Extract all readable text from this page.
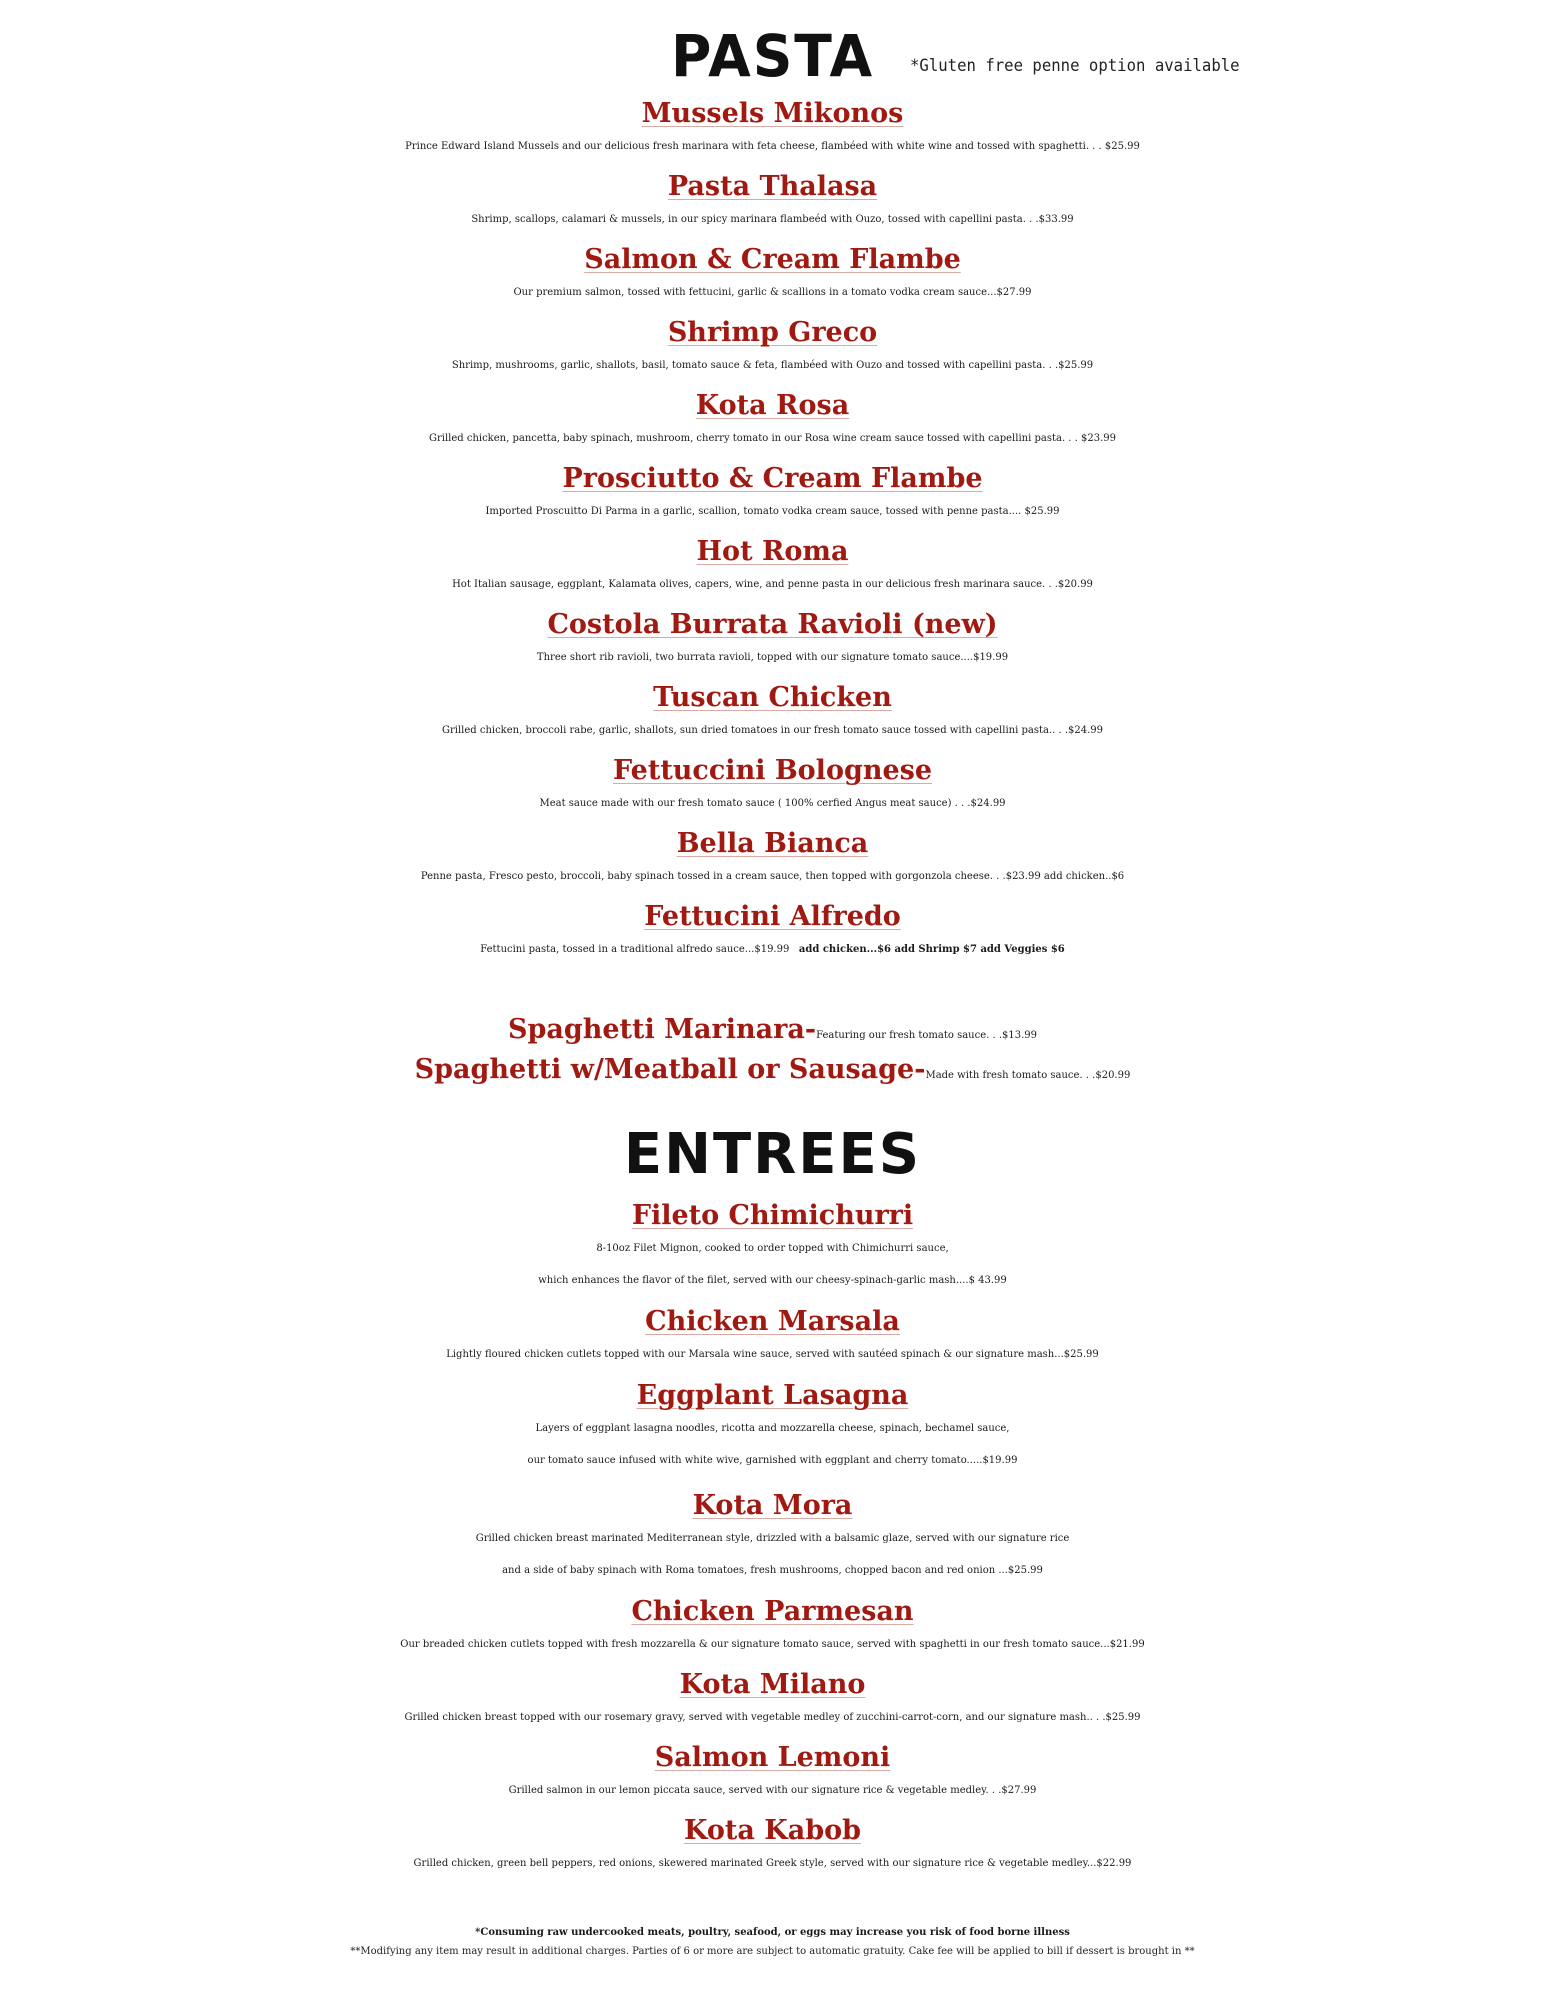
PASTA	*Gluten free penne option available
Mussels Mikonos
Prince Edward Island Mussels and our delicious fresh marinara with feta cheese, flambéed with white wine and tossed with spaghetti. . . $25.99
Pasta Thalasa
Shrimp, scallops, calamari & mussels, in our spicy marinara flambeéd with Ouzo, tossed with capellini pasta. . .$33.99
Salmon & Cream Flambe
Our premium salmon, tossed with fettucini, garlic & scallions in a tomato vodka cream sauce...$27.99
Shrimp Greco
Shrimp, mushrooms, garlic, shallots, basil, tomato sauce & feta, flambéed with Ouzo and tossed with capellini pasta. . .$25.99
Kota Rosa
Grilled chicken, pancetta, baby spinach, mushroom, cherry tomato in our Rosa wine cream sauce tossed with capellini pasta. . . $23.99
Prosciutto & Cream Flambe
Imported Proscuitto Di Parma in a garlic, scallion, tomato vodka cream sauce, tossed with penne pasta.... $25.99
Hot Roma
Hot Italian sausage, eggplant, Kalamata olives, capers, wine, and penne pasta in our delicious fresh marinara sauce. . .$20.99
Costola Burrata Ravioli (new)
Three short rib ravioli, two burrata ravioli, topped with our signature tomato sauce....$19.99
Tuscan Chicken
Grilled chicken, broccoli rabe, garlic, shallots, sun dried tomatoes in our fresh tomato sauce tossed with capellini pasta.. . .$24.99
Fettuccini Bolognese
Meat sauce made with our fresh tomato sauce ( 100% cerfied Angus meat sauce) . . .$24.99
Bella Bianca
Penne pasta, Fresco pesto, broccoli, baby spinach tossed in a cream sauce, then topped with gorgonzola cheese. . .$23.99 add chicken..$6
Fettucini Alfredo
Fettucini pasta, tossed in a traditional alfredo sauce...$19.99 add chicken...$6 add Shrimp $7 add Veggies $6
Spaghetti Marinara-Featuring our fresh tomato sauce. . .$13.99
Spaghetti w/Meatball or Sausage-Made with fresh tomato sauce. . .$20.99
ENTREES
Fileto Chimichurri
8-10oz Filet Mignon, cooked to order topped with Chimichurri sauce,
which enhances the flavor of the filet, served with our cheesy-spinach-garlic mash....$ 43.99
Chicken Marsala
Lightly floured chicken cutlets topped with our Marsala wine sauce, served with sautéed spinach & our signature mash...$25.99
Eggplant Lasagna
Layers of eggplant lasagna noodles, ricotta and mozzarella cheese, spinach, bechamel sauce,
our tomato sauce infused with white wive, garnished with eggplant and cherry tomato.....$19.99
Kota Mora
Grilled chicken breast marinated Mediterranean style, drizzled with a balsamic glaze, served with our signature rice
and a side of baby spinach with Roma tomatoes, fresh mushrooms, chopped bacon and red onion ...$25.99
Chicken Parmesan
Our breaded chicken cutlets topped with fresh mozzarella & our signature tomato sauce, served with spaghetti in our fresh tomato sauce...$21.99
Kota Milano
Grilled chicken breast topped with our rosemary gravy, served with vegetable medley of zucchini-carrot-corn, and our signature mash.. . .$25.99
Salmon Lemoni
Grilled salmon in our lemon piccata sauce, served with our signature rice & vegetable medley. . .$27.99
Kota Kabob
Grilled chicken, green bell peppers, red onions, skewered marinated Greek style, served with our signature rice & vegetable medley...$22.99
*Consuming raw undercooked meats, poultry, seafood, or eggs may increase you risk of food borne illness
**Modifying any item may result in additional charges. Parties of 6 or more are subject to automatic gratuity. Cake fee will be applied to bill if dessert is brought in **
